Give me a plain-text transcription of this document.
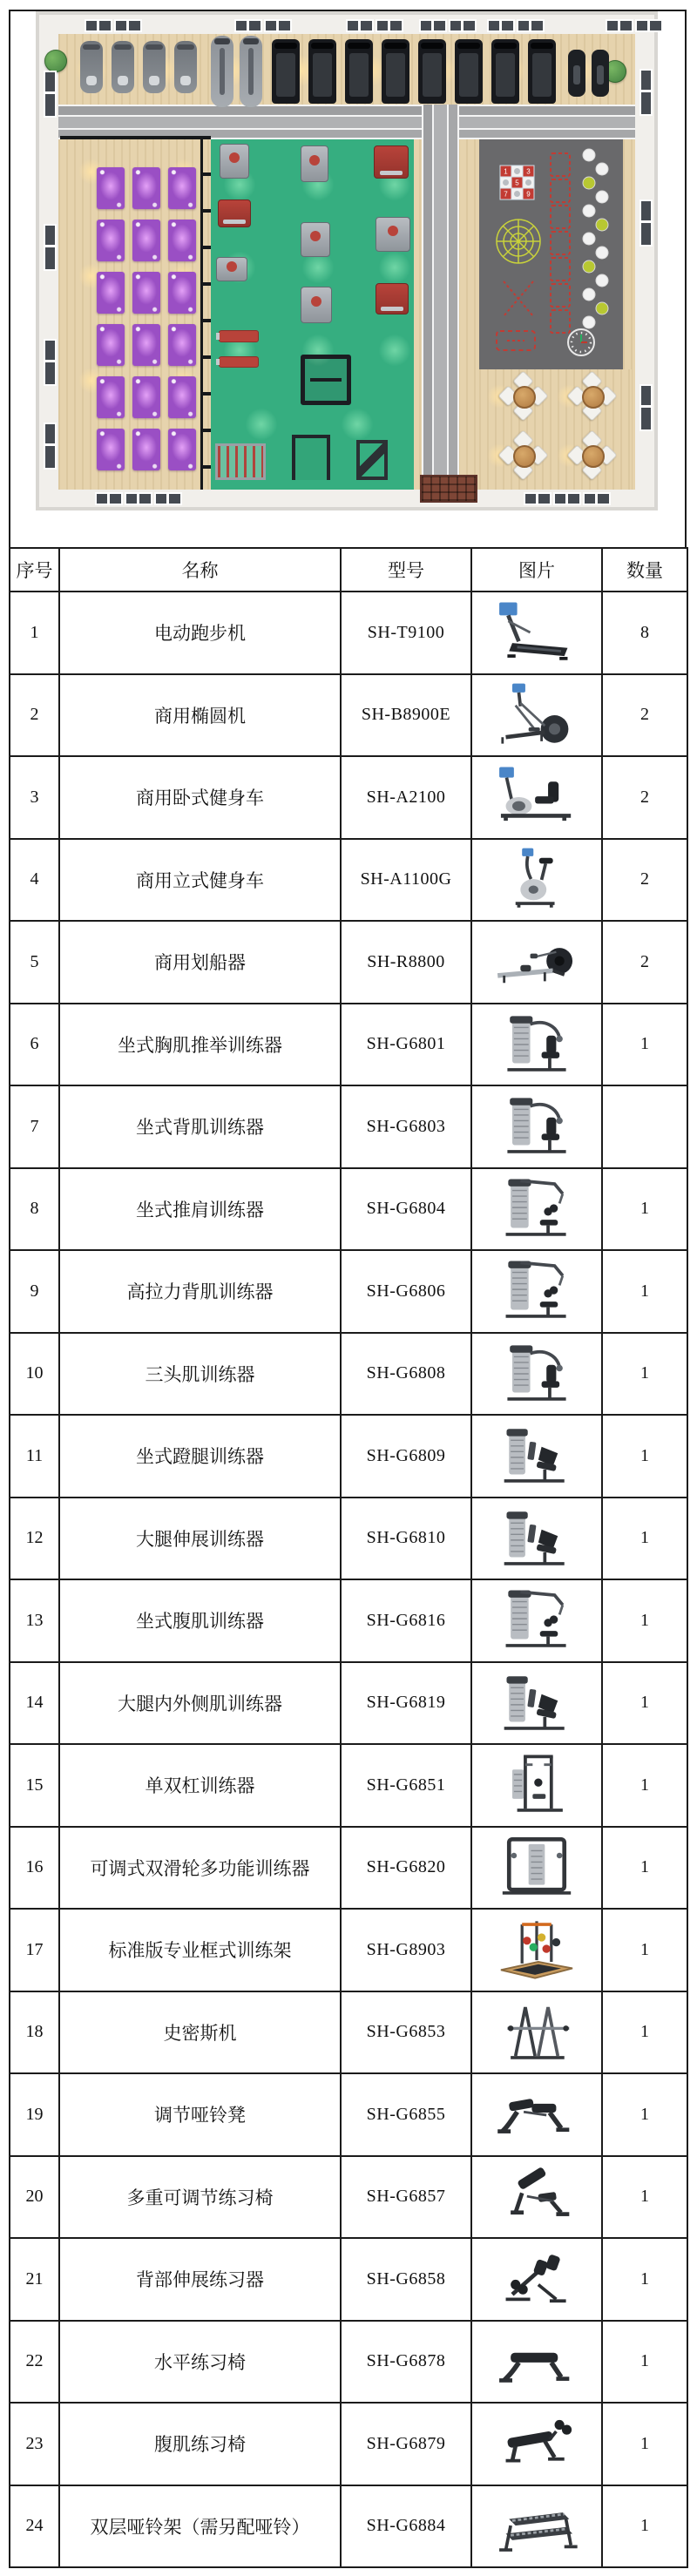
1	3
5
7	9
序号	名称	型号	图片	数量
1	电动跑步机	SH-T9100		8
2	商用椭圆机	SH-B8900E		2
3	商用卧式健身车	SH-A2100		2
4	商用立式健身车	SH-A1100G		2
5	商用划船器	SH-R8800		2
6	坐式胸肌推举训练器	SH-G6801		1
7	坐式背肌训练器	SH-G6803	

8	坐式推肩训练器	SH-G6804		1
9	高拉力背肌训练器	SH-G6806		1
10	三头肌训练器	SH-G6808		1
11	坐式蹬腿训练器	SH-G6809		1
12	大腿伸展训练器	SH-G6810		1
13	坐式腹肌训练器	SH-G6816		1
14	大腿内外侧肌训练器	SH-G6819		1
15	单双杠训练器	SH-G6851		1
16	可调式双滑轮多功能训练器	SH-G6820		1
17	标准版专业框式训练架	SH-G8903		1
18	史密斯机	SH-G6853		1
19	调节哑铃凳	SH-G6855		1
20	多重可调节练习椅	SH-G6857		1
21	背部伸展练习器	SH-G6858		1
22	水平练习椅	SH-G6878		1
23	腹肌练习椅	SH-G6879		1
24	双层哑铃架（需另配哑铃）	SH-G6884		1
